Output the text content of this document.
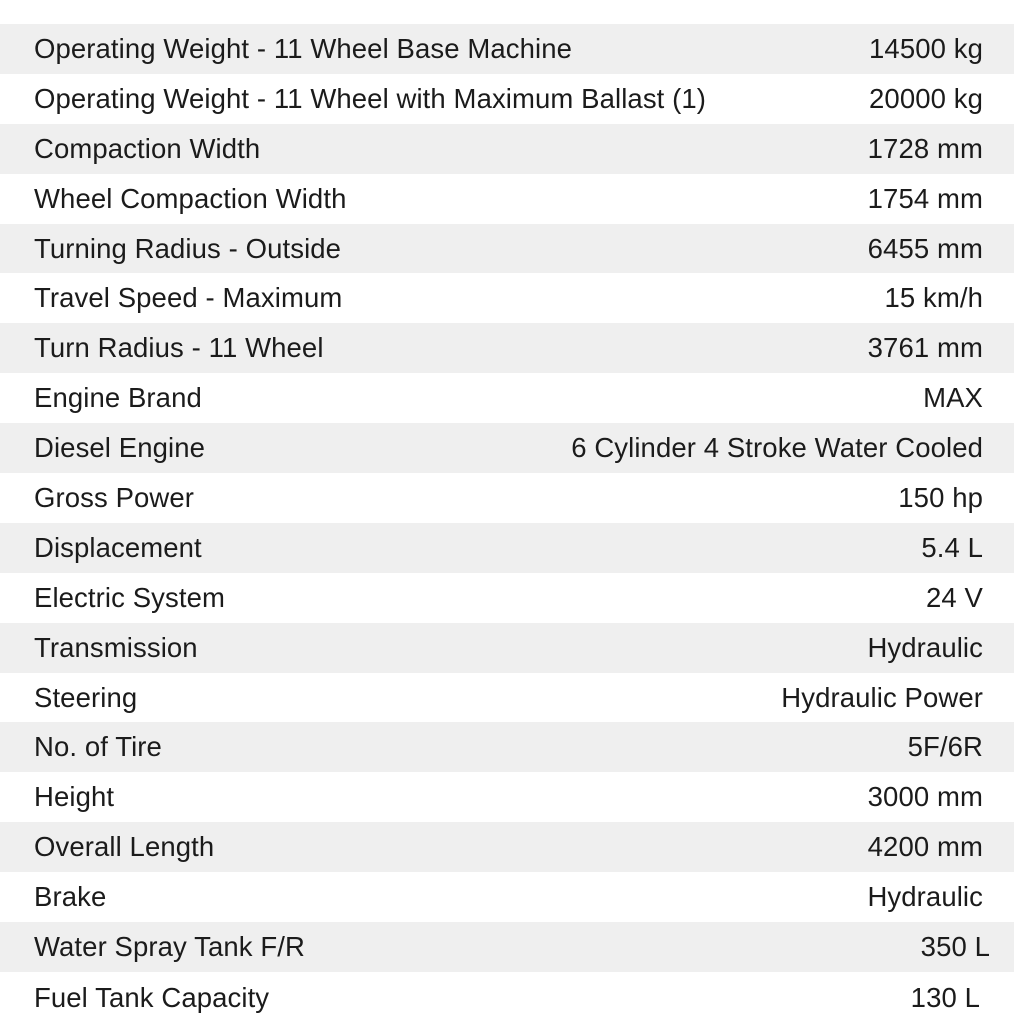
Operating Weight - 11 Wheel Base Machine	14500 kg
Operating Weight - 11 Wheel with Maximum Ballast (1)	20000 kg
Compaction Width	1728 mm
Wheel Compaction Width	1754 mm
Turning Radius - Outside	6455 mm
Travel Speed - Maximum	15 km/h
Turn Radius - 11 Wheel	3761 mm
Engine Brand	MAX
Diesel Engine	6 Cylinder 4 Stroke Water Cooled
Gross Power	150 hp
Displacement	5.4 L
Electric System	24 V
Transmission	Hydraulic
Steering	Hydraulic Power
No. of Tire	5F/6R
Height	3000 mm
Overall Length	4200 mm
Brake	Hydraulic
Water Spray Tank F/R	350 L
Fuel Tank Capacity	130 L
